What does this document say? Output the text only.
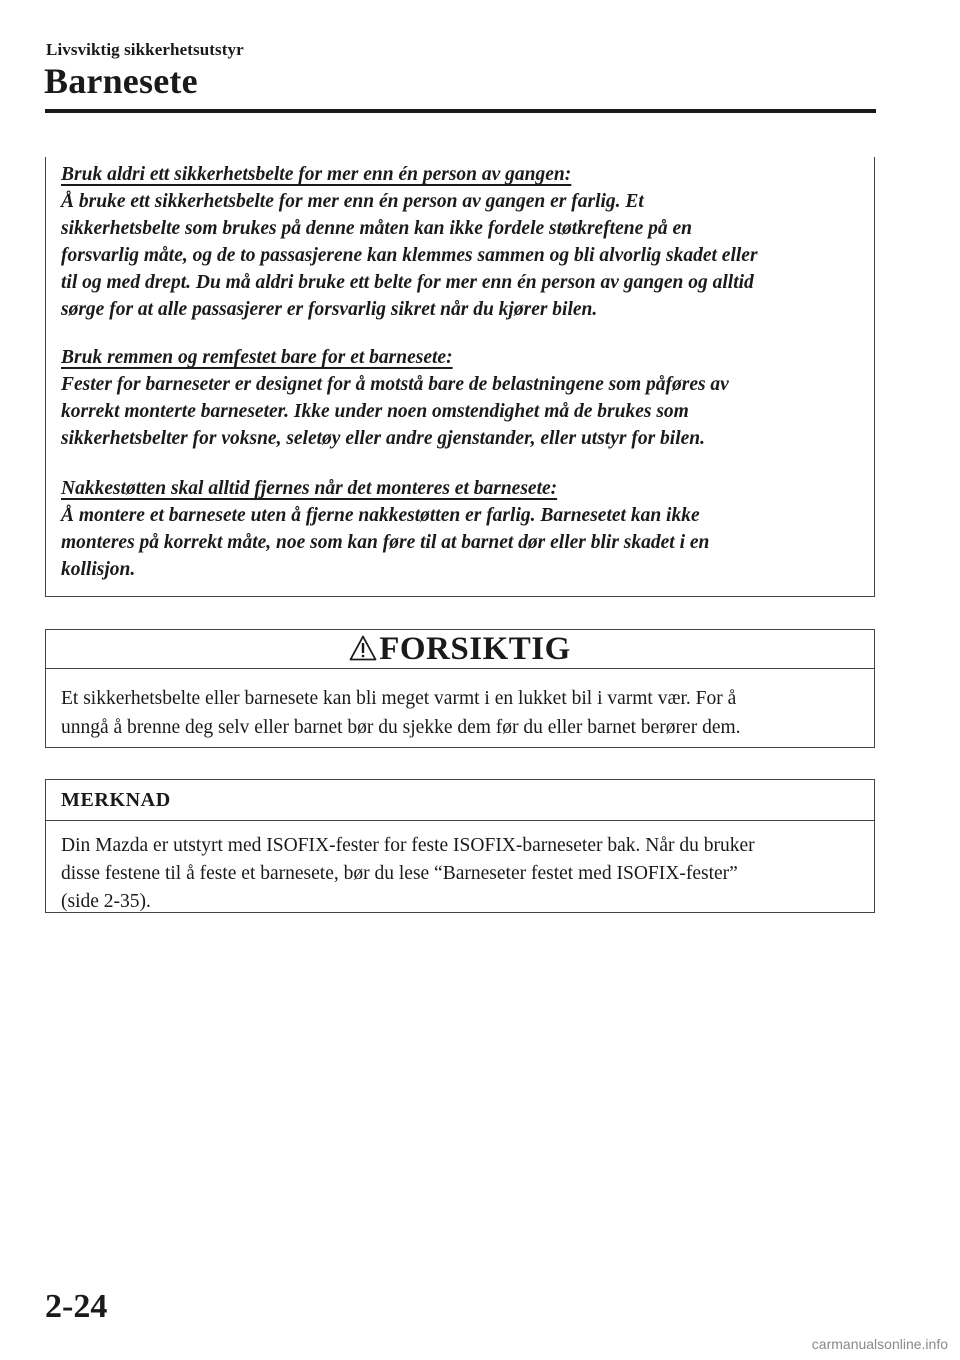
Livsviktig sikkerhetsutstyr
Barnesete
Bruk aldri ett sikkerhetsbelte for mer enn én person av gangen:
Å bruke ett sikkerhetsbelte for mer enn én person av gangen er farlig. Et
sikkerhetsbelte som brukes på denne måten kan ikke fordele støtkreftene på en
forsvarlig måte, og de to passasjerene kan klemmes sammen og bli alvorlig skadet eller
til og med drept. Du må aldri bruke ett belte for mer enn én person av gangen og alltid
sørge for at alle passasjerer er forsvarlig sikret når du kjører bilen.
Bruk remmen og remfestet bare for et barnesete:
Fester for barneseter er designet for å motstå bare de belastningene som påføres av
korrekt monterte barneseter. Ikke under noen omstendighet må de brukes som
sikkerhetsbelter for voksne, seletøy eller andre gjenstander, eller utstyr for bilen.
Nakkestøtten skal alltid fjernes når det monteres et barnesete:
Å montere et barnesete uten å fjerne nakkestøtten er farlig. Barnesetet kan ikke
monteres på korrekt måte, noe som kan føre til at barnet dør eller blir skadet i en
kollisjon.
FORSIKTIG
Et sikkerhetsbelte eller barnesete kan bli meget varmt i en lukket bil i varmt vær. For å
unngå å brenne deg selv eller barnet bør du sjekke dem før du eller barnet berører dem.
MERKNAD
Din Mazda er utstyrt med ISOFIX-fester for feste ISOFIX-barneseter bak. Når du bruker
disse festene til å feste et barnesete, bør du lese “Barneseter festet med ISOFIX-fester”
(side 2-35).
2-24
carmanualsonline.info
